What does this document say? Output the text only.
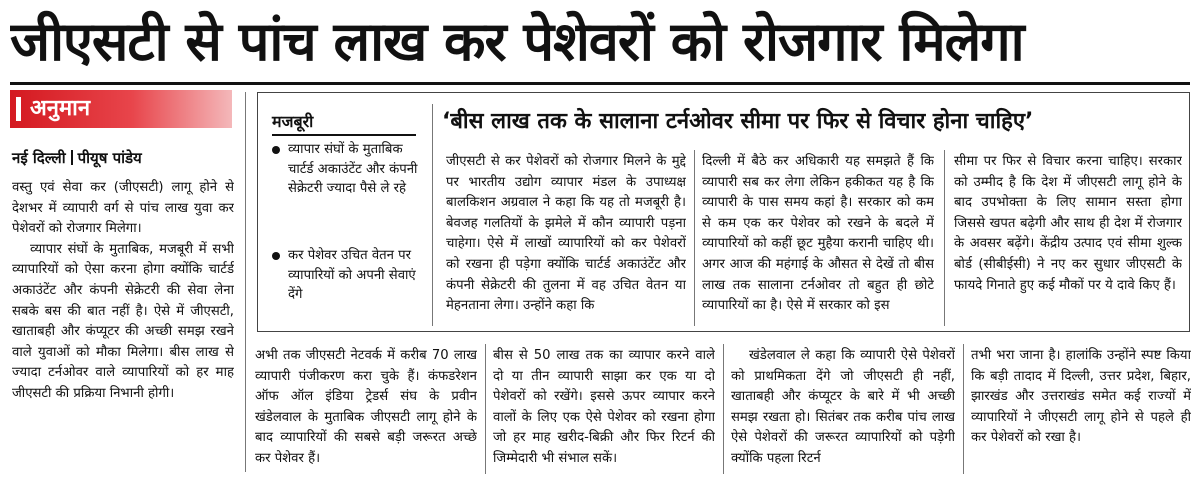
जीएसटी से पांच लाख कर पेशेवरों को रोजगार मिलेगा
अनुमान
नई दिल्ली पीयूष पांडेय

वस्तु एवं सेवा कर (जीएसटी) लागू होने से देशभर में व्यापारी वर्ग से पांच लाख युवा कर पेशेवरों को रोजगार मिलेगा।

व्यापार संघों के मुताबिक, मजबूरी में सभी व्यापारियों को ऐसा करना होगा क्योंकि चार्टर्ड अकाउंटेंट और कंपनी सेक्रेटरी की सेवा लेना सबके बस की बात नहीं है। ऐसे में जीएसटी, खाताबही और कंप्यूटर की अच्छी समझ रखने वाले युवाओं को मौका मिलेगा। बीस लाख से ज्यादा टर्नओवर वाले व्यापारियों को हर माह जीएसटी की प्रक्रिया निभानी होगी।

मजबूरी
व्यापार संघों के मुताबिक चार्टर्ड अकाउंटेंट और कंपनी सेक्रेटरी ज्यादा पैसे ले रहे
कर पेशेवर उचित वेतन पर व्यापारियों को अपनी सेवाएं देंगे
‘बीस लाख तक के सालाना टर्नओवर सीमा पर फिर से विचार होना चाहिए’

जीएसटी से कर पेशेवरों को रोजगार मिलने के मुद्दे पर भारतीय उद्योग व्यापार मंडल के उपाध्यक्ष बालकिशन अग्रवाल ने कहा कि यह तो मजबूरी है। बेवजह गलतियों के झमेले में कौन व्यापारी पड़ना चाहेगा। ऐसे में लाखों व्यापारियों को कर पेशेवरों को रखना ही पड़ेगा क्योंकि चार्टर्ड अकाउंटेंट और कंपनी सेक्रेटरी की तुलना में वह उचित वेतन या मेहनताना लेगा। उन्होंने कहा कि

दिल्ली में बैठे कर अधिकारी यह समझते हैं कि व्यापारी सब कर लेगा लेकिन हकीकत यह है कि व्यापारी के पास समय कहां है। सरकार को कम से कम एक कर पेशेवर को रखने के बदले में व्यापारियों को कहीं छूट मुहैया करानी चाहिए थी। अगर आज की महंगाई के औसत से देखें तो बीस लाख तक सालाना टर्नओवर तो बहुत ही छोटे व्यापारियों का है। ऐसे में सरकार को इस

सीमा पर फिर से विचार करना चाहिए। सरकार को उम्मीद है कि देश में जीएसटी लागू होने के बाद उपभोक्ता के लिए सामान सस्ता होगा जिससे खपत बढ़ेगी और साथ ही देश में रोजगार के अवसर बढ़ेंगे। केंद्रीय उत्पाद एवं सीमा शुल्क बोर्ड (सीबीईसी) ने नए कर सुधार जीएसटी के फायदे गिनाते हुए कई मौकों पर ये दावे किए हैं।

अभी तक जीएसटी नेटवर्क में करीब 70 लाख व्यापारी पंजीकरण करा चुके हैं। कंफडरेशन ऑफ ऑल इंडिया ट्रेडर्स संघ के प्रवीन खंडेलवाल के मुताबिक जीएसटी लागू होने के बाद व्यापारियों की सबसे बड़ी जरूरत अच्छे कर पेशेवर हैं।

बीस से 50 लाख तक का व्यापार करने वाले दो या तीन व्यापारी साझा कर एक या दो पेशेवरों को रखेंगे। इससे ऊपर व्यापार करने वालों के लिए एक ऐसे पेशेवर को रखना होगा जो हर माह खरीद-बिक्री और फिर रिटर्न की जिम्मेदारी भी संभाल सकें।

खंडेलवाल ले कहा कि व्यापारी ऐसे पेशेवरों को प्राथमिकता देंगे जो जीएसटी ही नहीं, खाताबही और कंप्यूटर के बारे में भी अच्छी समझ रखता हो। सितंबर तक करीब पांच लाख ऐसे पेशेवरों की जरूरत व्यापारियों को पड़ेगी क्योंकि पहला रिटर्न

तभी भरा जाना है। हालांकि उन्होंने स्पष्ट किया कि बड़ी तादाद में दिल्ली, उत्तर प्रदेश, बिहार, झारखंड और उत्तराखंड समेत कई राज्यों में व्यापारियों ने जीएसटी लागू होने से पहले ही कर पेशेवरों को रखा है।
